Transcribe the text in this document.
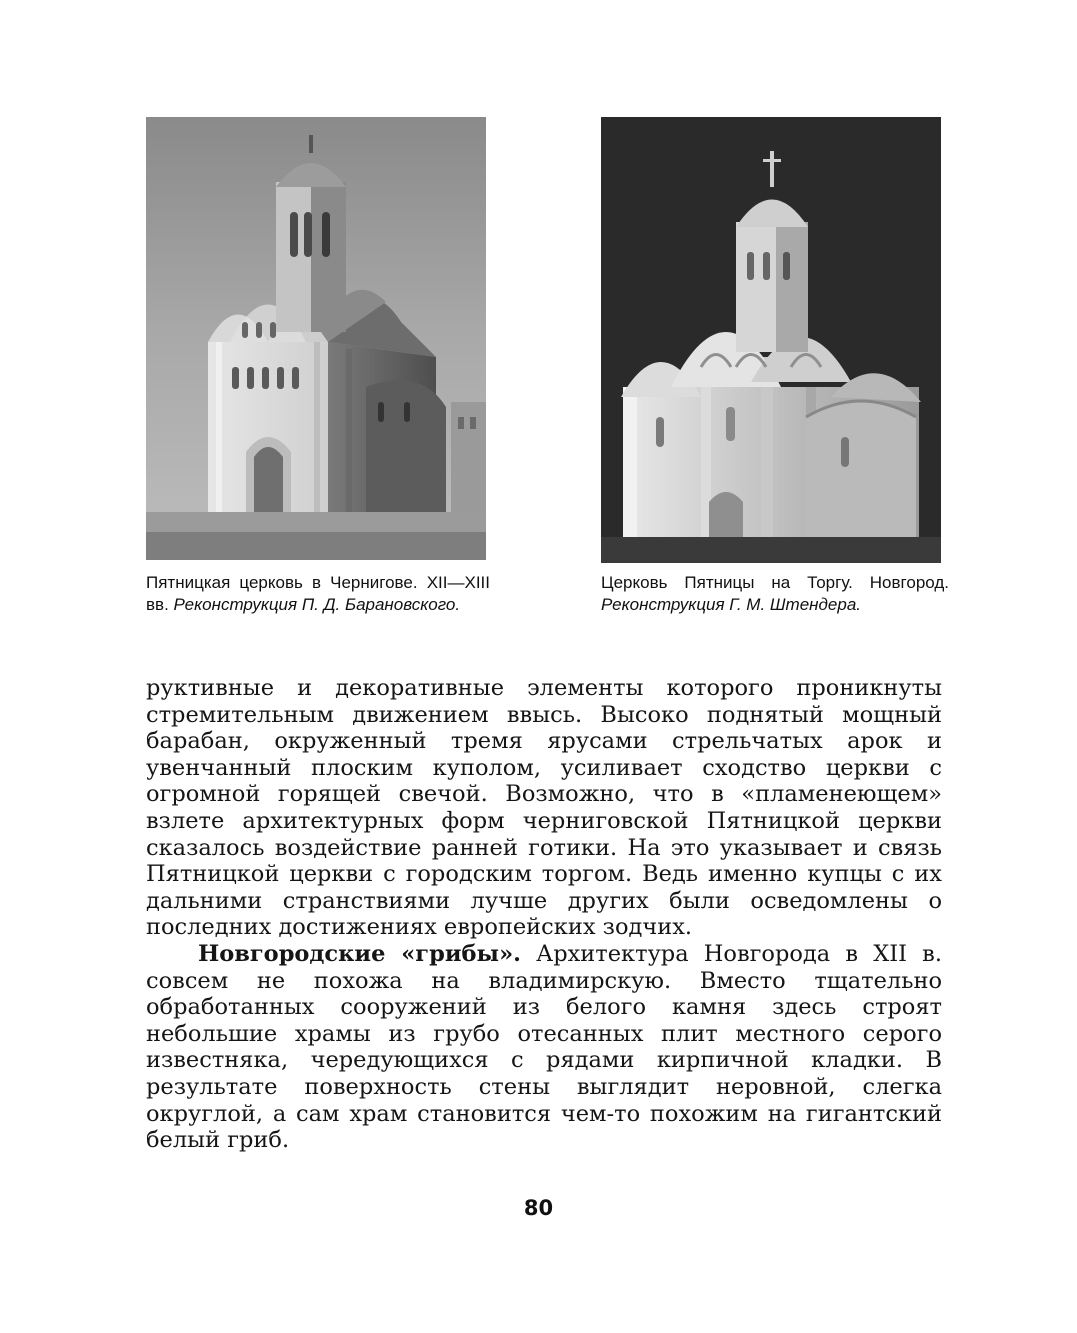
Пятницкая церковь в Чернигове. XII—XIII вв. Реконструкция П. Д. Барановского.
Церковь Пятницы на Торгу. Новгород. Реконструкция Г. М. Штендера.

руктивные и декоративные элементы которого проникнуты стремительным движением ввысь. Высоко поднятый мощный барабан, окруженный тремя ярусами стрельчатых арок и увенчанный плоским куполом, усиливает сходство церкви с огромной горящей свечой. Возможно, что в «пламенеющем» взлете архитектурных форм черниговской Пятницкой церкви сказалось воздействие ранней готики. На это указывает и связь Пятницкой церкви с городским торгом. Ведь именно купцы с их дальними странствиями лучше других были осведомлены о последних достижениях европейских зодчих.

Новгородские «грибы». Архитектура Новгорода в XII в. совсем не похожа на владимирскую. Вместо тщательно обработанных сооружений из белого камня здесь строят небольшие храмы из грубо отесанных плит местного серого известняка, чередующихся с рядами кирпичной кладки. В результате поверхность стены выглядит неровной, слегка округлой, а сам храм становится чем-то похожим на гигантский белый гриб.

80
